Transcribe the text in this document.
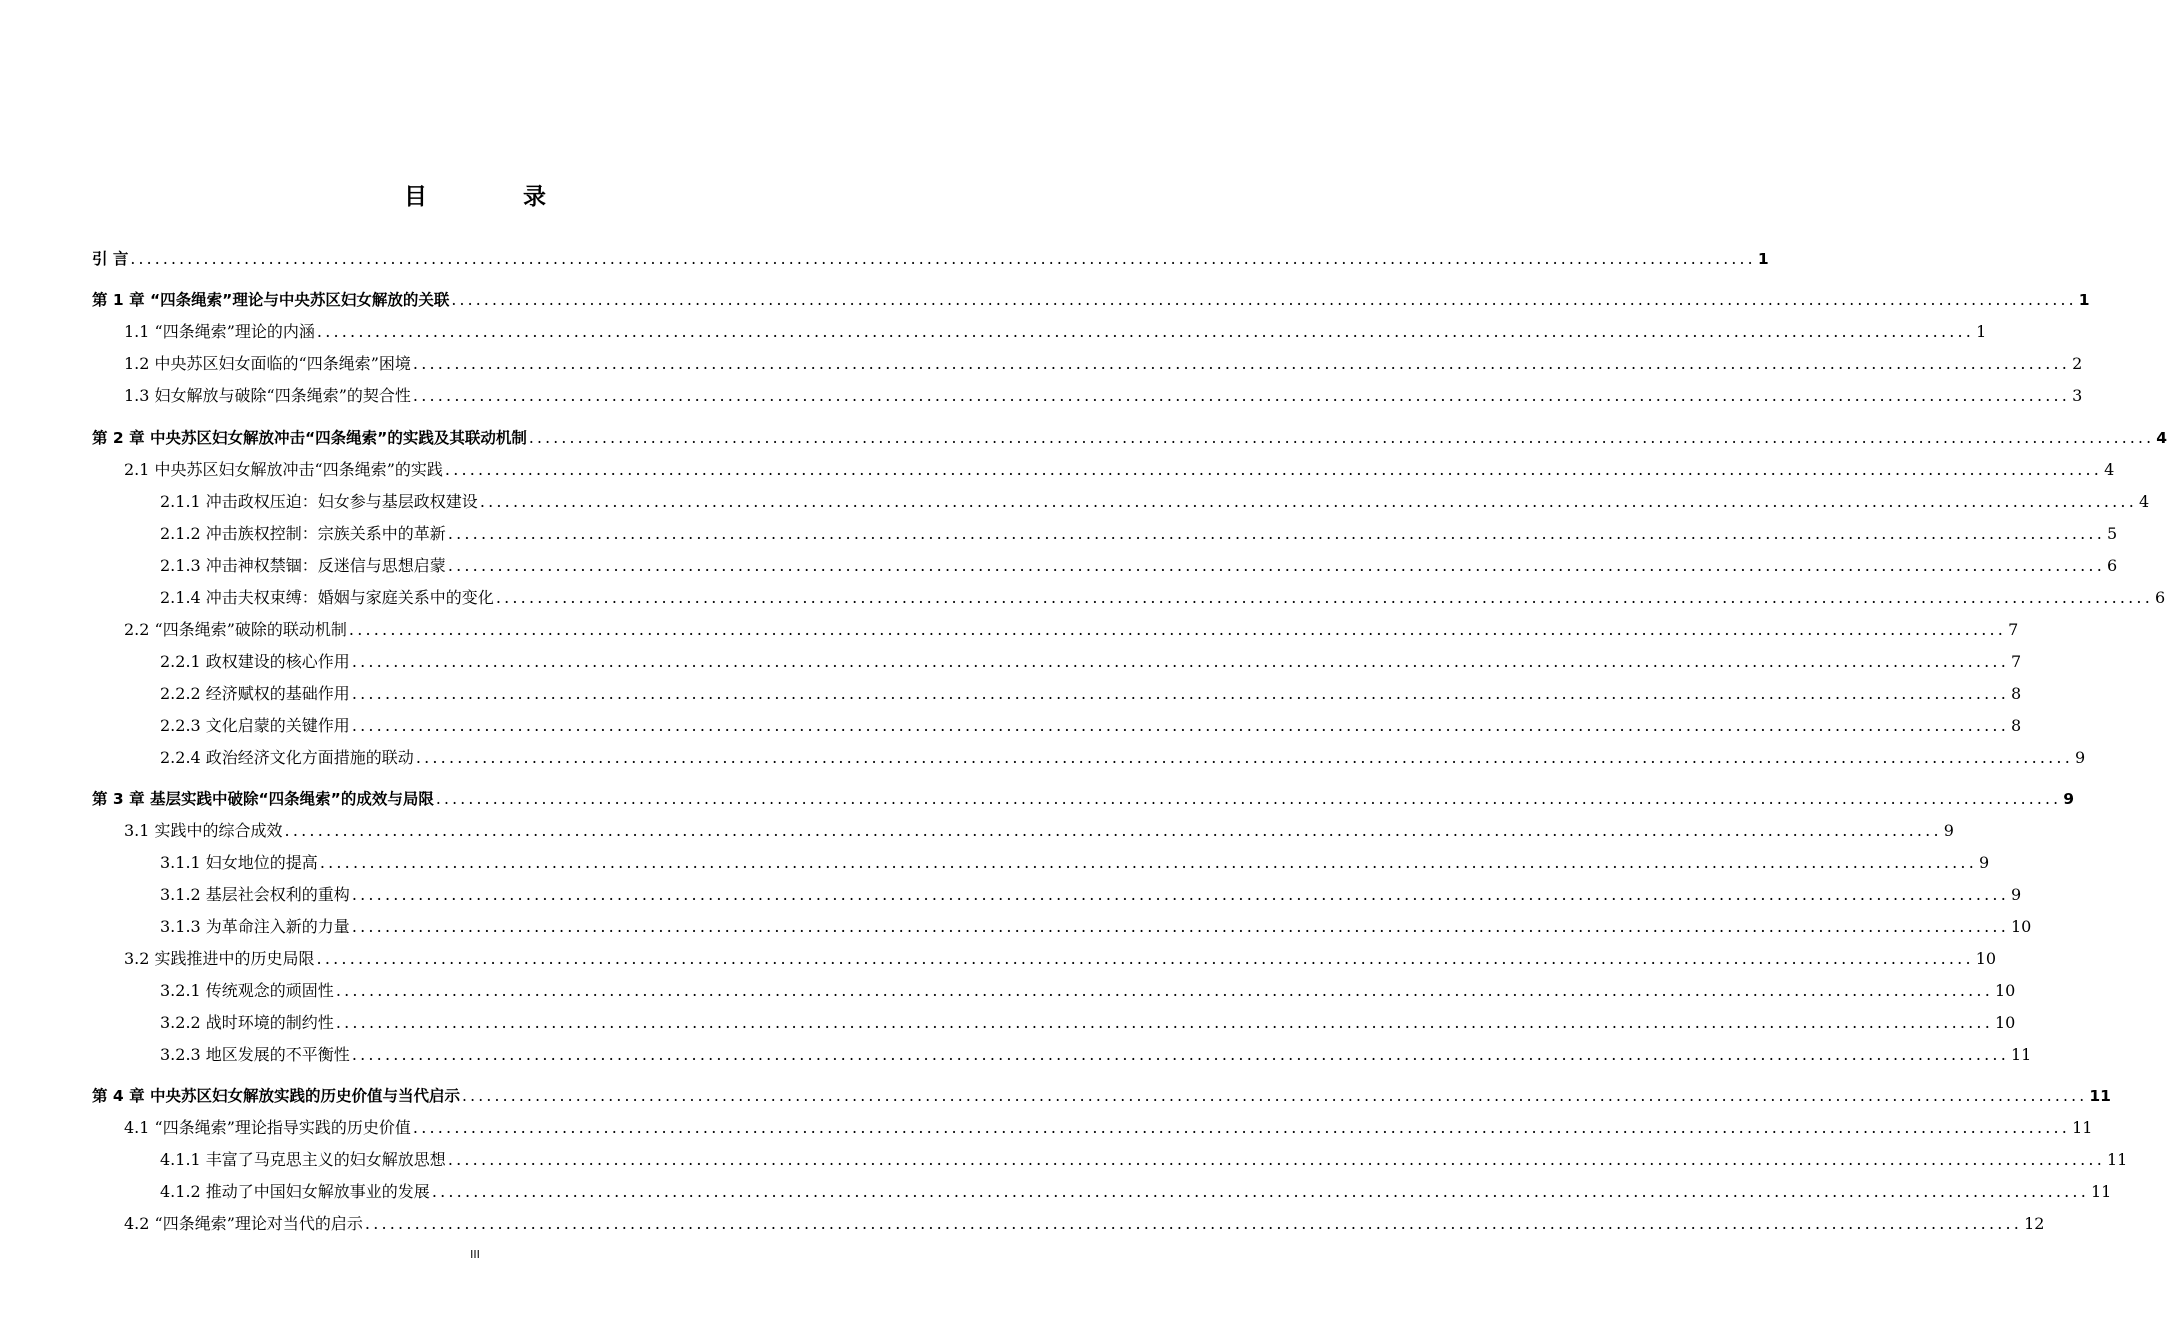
目 录
引 言 ........................................................................................................................................................................................................ 1
第 1 章 “四条绳索”理论与中央苏区妇女解放的关联 ........................................................................................................................................................................................................ 1
1.1 “四条绳索”理论的内涵 ........................................................................................................................................................................................................ 1
1.2 中央苏区妇女面临的“四条绳索”困境 ........................................................................................................................................................................................................ 2
1.3 妇女解放与破除“四条绳索”的契合性 ........................................................................................................................................................................................................ 3
第 2 章 中央苏区妇女解放冲击“四条绳索”的实践及其联动机制 ........................................................................................................................................................................................................ 4
2.1 中央苏区妇女解放冲击“四条绳索”的实践 ........................................................................................................................................................................................................ 4
2.1.1 冲击政权压迫：妇女参与基层政权建设 ........................................................................................................................................................................................................ 4
2.1.2 冲击族权控制：宗族关系中的革新 ........................................................................................................................................................................................................ 5
2.1.3 冲击神权禁锢：反迷信与思想启蒙 ........................................................................................................................................................................................................ 6
2.1.4 冲击夫权束缚：婚姻与家庭关系中的变化 ........................................................................................................................................................................................................ 6
2.2 “四条绳索”破除的联动机制 ........................................................................................................................................................................................................ 7
2.2.1 政权建设的核心作用 ........................................................................................................................................................................................................ 7
2.2.2 经济赋权的基础作用 ........................................................................................................................................................................................................ 8
2.2.3 文化启蒙的关键作用 ........................................................................................................................................................................................................ 8
2.2.4 政治经济文化方面措施的联动 ........................................................................................................................................................................................................ 9
第 3 章 基层实践中破除“四条绳索”的成效与局限 ........................................................................................................................................................................................................ 9
3.1 实践中的综合成效 ........................................................................................................................................................................................................ 9
3.1.1 妇女地位的提高 ........................................................................................................................................................................................................ 9
3.1.2 基层社会权利的重构 ........................................................................................................................................................................................................ 9
3.1.3 为革命注入新的力量 ........................................................................................................................................................................................................ 10
3.2 实践推进中的历史局限 ........................................................................................................................................................................................................ 10
3.2.1 传统观念的顽固性 ........................................................................................................................................................................................................ 10
3.2.2 战时环境的制约性 ........................................................................................................................................................................................................ 10
3.2.3 地区发展的不平衡性 ........................................................................................................................................................................................................ 11
第 4 章 中央苏区妇女解放实践的历史价值与当代启示 ........................................................................................................................................................................................................ 11
4.1 “四条绳索”理论指导实践的历史价值 ........................................................................................................................................................................................................ 11
4.1.1 丰富了马克思主义的妇女解放思想 ........................................................................................................................................................................................................ 11
4.1.2 推动了中国妇女解放事业的发展 ........................................................................................................................................................................................................ 11
4.2 “四条绳索”理论对当代的启示 ........................................................................................................................................................................................................ 12
III
